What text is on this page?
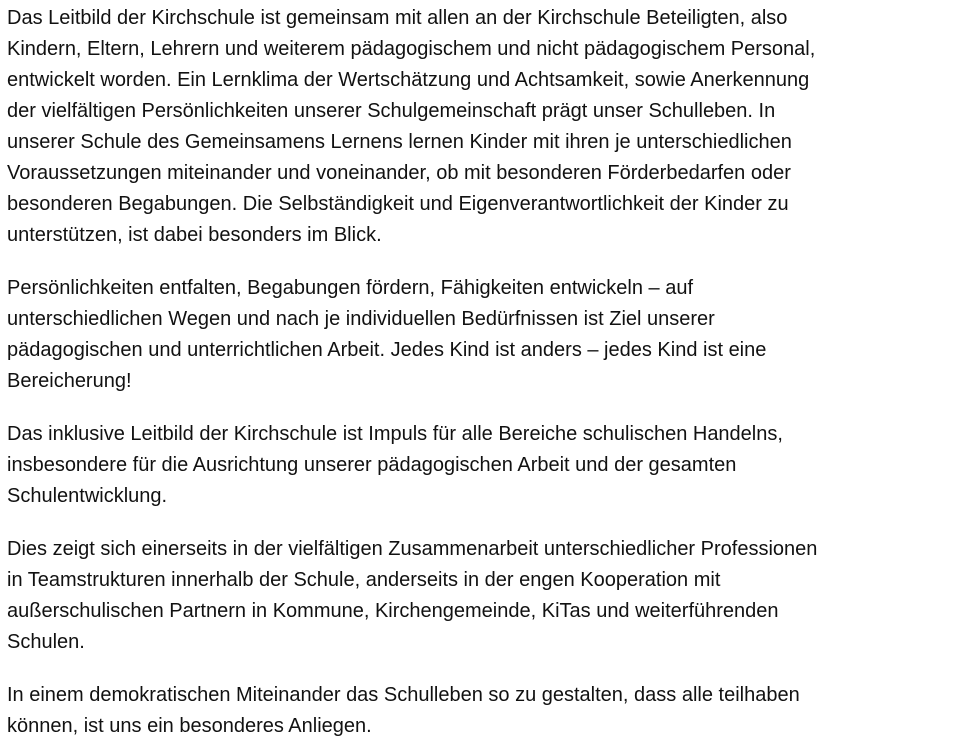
Das Leitbild der Kirchschule ist gemeinsam mit allen an der Kirchschule Beteiligten, also
Kindern, Eltern, Lehrern und weiterem pädagogischem und nicht pädagogischem Personal,
entwickelt worden. Ein Lernklima der Wertschätzung und Achtsamkeit, sowie Anerkennung
der vielfältigen Persönlichkeiten unserer Schulgemeinschaft prägt unser Schulleben. In
unserer Schule des Gemeinsamens Lernens lernen Kinder mit ihren je unterschiedlichen
Voraussetzungen miteinander und voneinander, ob mit besonderen Förderbedarfen oder
besonderen Begabungen. Die Selbständigkeit und Eigenverantwortlichkeit der Kinder zu
unterstützen, ist dabei besonders im Blick.
Persönlichkeiten entfalten, Begabungen fördern, Fähigkeiten entwickeln – auf
unterschiedlichen Wegen und nach je individuellen Bedürfnissen ist Ziel unserer
pädagogischen und unterrichtlichen Arbeit. Jedes Kind ist anders – jedes Kind ist eine
Bereicherung!
Das inklusive Leitbild der Kirchschule ist Impuls für alle Bereiche schulischen Handelns,
insbesondere für die Ausrichtung unserer pädagogischen Arbeit und der gesamten
Schulentwicklung.
Dies zeigt sich einerseits in der vielfältigen Zusammenarbeit unterschiedlicher Professionen
in Teamstrukturen innerhalb der Schule, anderseits in der engen Kooperation mit
außerschulischen Partnern in Kommune, Kirchengemeinde, KiTas und weiterführenden
Schulen.
In einem demokratischen Miteinander das Schulleben so zu gestalten, dass alle teilhaben
können, ist uns ein besonderes Anliegen.
